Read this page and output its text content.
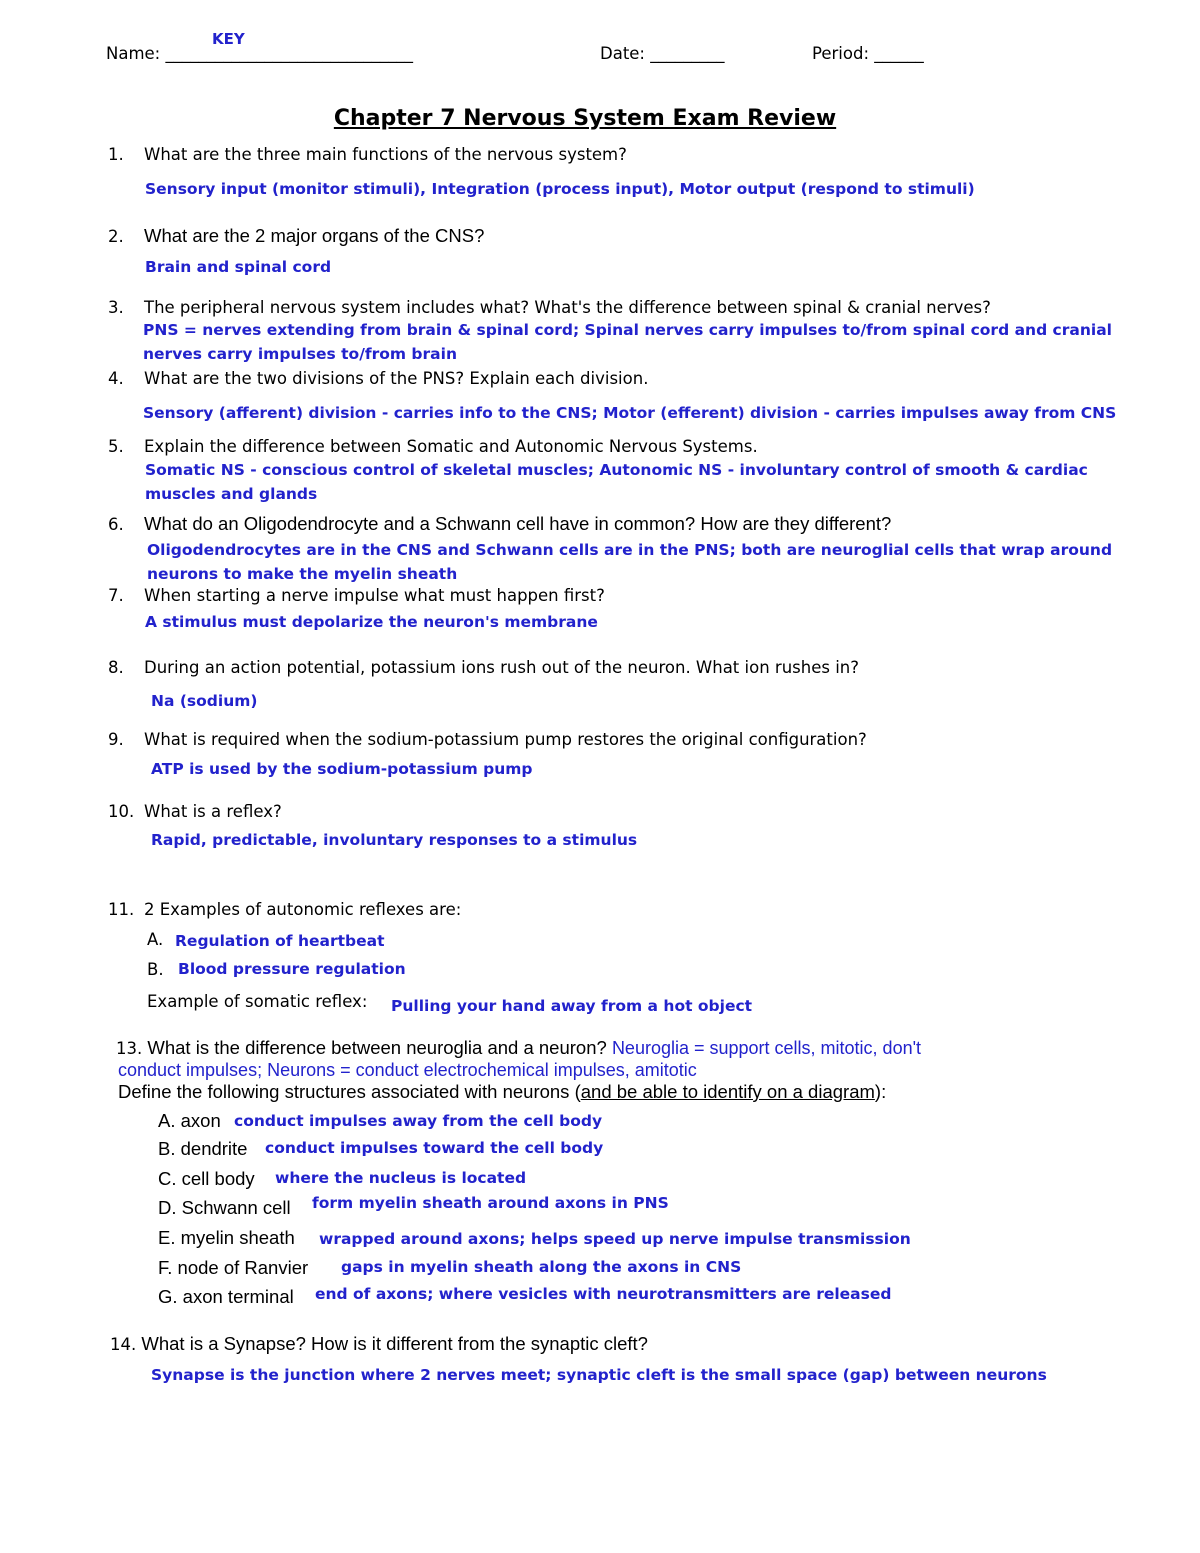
KEY
Name: ______________________________	Date: _________	Period: ______
Chapter 7 Nervous System Exam Review
1. What are the three main functions of the nervous system?
Sensory input (monitor stimuli), Integration (process input), Motor output (respond to stimuli)
2. What are the 2 major organs of the CNS?
Brain and spinal cord
3. The peripheral nervous system includes what? What's the difference between spinal & cranial nerves?
PNS = nerves extending from brain & spinal cord; Spinal nerves carry impulses to/from spinal cord and cranial
nerves carry impulses to/from brain
4. What are the two divisions of the PNS? Explain each division.
Sensory (afferent) division - carries info to the CNS; Motor (efferent) division - carries impulses away from CNS
5. Explain the difference between Somatic and Autonomic Nervous Systems.
Somatic NS - conscious control of skeletal muscles; Autonomic NS - involuntary control of smooth & cardiac
muscles and glands
6. What do an Oligodendrocyte and a Schwann cell have in common? How are they different?
Oligodendrocytes are in the CNS and Schwann cells are in the PNS; both are neuroglial cells that wrap around
neurons to make the myelin sheath
7. When starting a nerve impulse what must happen first?
A stimulus must depolarize the neuron's membrane
8. During an action potential, potassium ions rush out of the neuron. What ion rushes in?
Na (sodium)
9. What is required when the sodium-potassium pump restores the original configuration?
ATP is used by the sodium-potassium pump
10. What is a reflex?
Rapid, predictable, involuntary responses to a stimulus
11. 2 Examples of autonomic reflexes are:
A. Regulation of heartbeat
B. Blood pressure regulation
Example of somatic reflex: Pulling your hand away from a hot object
13. What is the difference between neuroglia and a neuron? Neuroglia = support cells, mitotic, don't
conduct impulses; Neurons = conduct electrochemical impulses, amitotic
Define the following structures associated with neurons (and be able to identify on a diagram):
A. axon conduct impulses away from the cell body
B. dendrite conduct impulses toward the cell body
C. cell body where the nucleus is located
D. Schwann cell form myelin sheath around axons in PNS
E. myelin sheath wrapped around axons; helps speed up nerve impulse transmission
F. node of Ranvier gaps in myelin sheath along the axons in CNS
G. axon terminal end of axons; where vesicles with neurotransmitters are released
14. What is a Synapse? How is it different from the synaptic cleft?
Synapse is the junction where 2 nerves meet; synaptic cleft is the small space (gap) between neurons
